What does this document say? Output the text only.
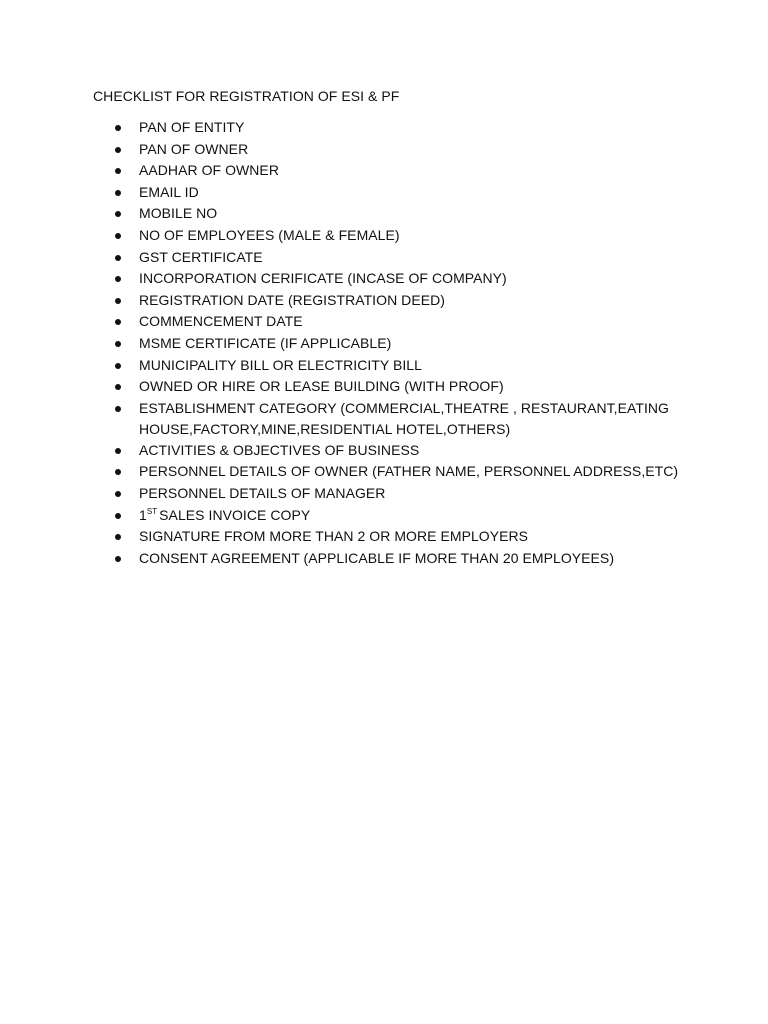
CHECKLIST FOR REGISTRATION OF ESI & PF
PAN OF ENTITY
PAN OF OWNER
AADHAR OF OWNER
EMAIL ID
MOBILE NO
NO OF EMPLOYEES (MALE & FEMALE)
GST CERTIFICATE
INCORPORATION CERIFICATE (INCASE OF COMPANY)
REGISTRATION DATE (REGISTRATION DEED)
COMMENCEMENT DATE
MSME CERTIFICATE (IF APPLICABLE)
MUNICIPALITY BILL OR ELECTRICITY BILL
OWNED OR HIRE OR LEASE BUILDING (WITH PROOF)
ESTABLISHMENT CATEGORY (COMMERCIAL,THEATRE , RESTAURANT,EATING HOUSE,FACTORY,MINE,RESIDENTIAL HOTEL,OTHERS)
ACTIVITIES & OBJECTIVES OF BUSINESS
PERSONNEL DETAILS OF OWNER (FATHER NAME, PERSONNEL ADDRESS,ETC)
PERSONNEL DETAILS OF MANAGER
1ST SALES INVOICE COPY
SIGNATURE FROM MORE THAN 2 OR MORE EMPLOYERS
CONSENT AGREEMENT (APPLICABLE IF MORE THAN 20 EMPLOYEES)
